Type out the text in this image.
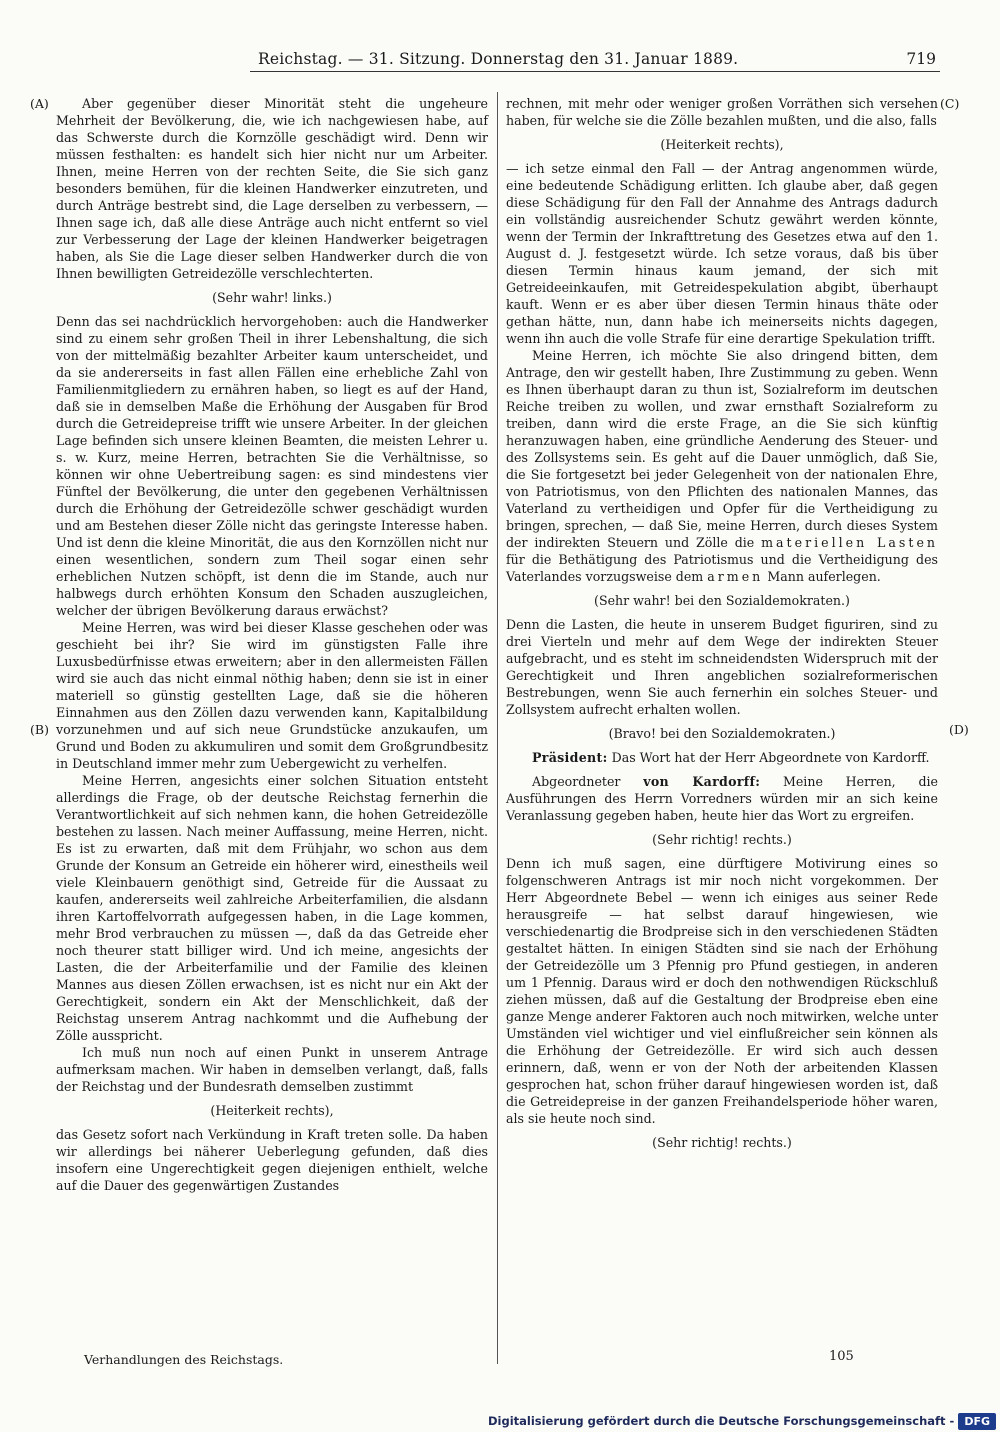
Reichstag. — 31. Sitzung. Donnerstag den 31. Januar 1889.	719
(A)
(B)
(C)
(D)

Aber gegenüber dieser Minorität steht die ungeheure Mehrheit der Bevölkerung, die, wie ich nachgewiesen habe, auf das Schwerste durch die Kornzölle geschädigt wird. Denn wir müssen festhalten: es handelt sich hier nicht nur um Arbeiter. Ihnen, meine Herren von der rechten Seite, die Sie sich ganz besonders bemühen, für die kleinen Handwerker einzutreten, und durch Anträge bestrebt sind, die Lage derselben zu verbessern, — Ihnen sage ich, daß alle diese Anträge auch nicht entfernt so viel zur Verbesserung der Lage der kleinen Handwerker beigetragen haben, als Sie die Lage dieser selben Handwerker durch die von Ihnen bewilligten Getreidezölle verschlechterten.

(Sehr wahr! links.)

Denn das sei nachdrücklich hervorgehoben: auch die Handwerker sind zu einem sehr großen Theil in ihrer Lebenshaltung, die sich von der mittelmäßig bezahlter Arbeiter kaum unterscheidet, und da sie andererseits in fast allen Fällen eine erhebliche Zahl von Familienmitgliedern zu ernähren haben, so liegt es auf der Hand, daß sie in demselben Maße die Erhöhung der Ausgaben für Brod durch die Getreidepreise trifft wie unsere Arbeiter. In der gleichen Lage befinden sich unsere kleinen Beamten, die meisten Lehrer u. s. w. Kurz, meine Herren, betrachten Sie die Verhältnisse, so können wir ohne Uebertreibung sagen: es sind mindestens vier Fünftel der Bevölkerung, die unter den gegebenen Verhältnissen durch die Erhöhung der Getreidezölle schwer geschädigt wurden und am Bestehen dieser Zölle nicht das geringste Interesse haben. Und ist denn die kleine Minorität, die aus den Kornzöllen nicht nur einen wesentlichen, sondern zum Theil sogar einen sehr erheblichen Nutzen schöpft, ist denn die im Stande, auch nur halbwegs durch erhöhten Konsum den Schaden auszugleichen, welcher der übrigen Bevölkerung daraus erwächst?

Meine Herren, was wird bei dieser Klasse geschehen oder was geschieht bei ihr? Sie wird im günstigsten Falle ihre Luxusbedürfnisse etwas erweitern; aber in den allermeisten Fällen wird sie auch das nicht einmal nöthig haben; denn sie ist in einer materiell so günstig gestellten Lage, daß sie die höheren Einnahmen aus den Zöllen dazu verwenden kann, Kapitalbildung vorzunehmen und auf sich neue Grundstücke anzukaufen, um Grund und Boden zu akkumuliren und somit dem Großgrundbesitz in Deutschland immer mehr zum Uebergewicht zu verhelfen.

Meine Herren, angesichts einer solchen Situation entsteht allerdings die Frage, ob der deutsche Reichstag fernerhin die Verantwortlichkeit auf sich nehmen kann, die hohen Getreidezölle bestehen zu lassen. Nach meiner Auffassung, meine Herren, nicht. Es ist zu erwarten, daß mit dem Frühjahr, wo schon aus dem Grunde der Konsum an Getreide ein höherer wird, einestheils weil viele Kleinbauern genöthigt sind, Getreide für die Aussaat zu kaufen, andererseits weil zahlreiche Arbeiterfamilien, die alsdann ihren Kartoffelvorrath aufgegessen haben, in die Lage kommen, mehr Brod verbrauchen zu müssen —, daß da das Getreide eher noch theurer statt billiger wird. Und ich meine, angesichts der Lasten, die der Arbeiterfamilie und der Familie des kleinen Mannes aus diesen Zöllen erwachsen, ist es nicht nur ein Akt der Gerechtigkeit, sondern ein Akt der Menschlichkeit, daß der Reichstag unserem Antrag nachkommt und die Aufhebung der Zölle ausspricht.

Ich muß nun noch auf einen Punkt in unserem Antrage aufmerksam machen. Wir haben in demselben verlangt, daß, falls der Reichstag und der Bundesrath demselben zustimmt

(Heiterkeit rechts),

das Gesetz sofort nach Verkündung in Kraft treten solle. Da haben wir allerdings bei näherer Ueberlegung gefunden, daß dies insofern eine Ungerechtigkeit gegen diejenigen enthielt, welche auf die Dauer des gegenwärtigen Zustandes

rechnen, mit mehr oder weniger großen Vorräthen sich versehen haben, für welche sie die Zölle bezahlen mußten, und die also, falls

(Heiterkeit rechts),

— ich setze einmal den Fall — der Antrag angenommen würde, eine bedeutende Schädigung erlitten. Ich glaube aber, daß gegen diese Schädigung für den Fall der Annahme des Antrags dadurch ein vollständig ausreichender Schutz gewährt werden könnte, wenn der Termin der Inkrafttretung des Gesetzes etwa auf den 1. August d. J. festgesetzt würde. Ich setze voraus, daß bis über diesen Termin hinaus kaum jemand, der sich mit Getreideeinkaufen, mit Getreidespekulation abgibt, überhaupt kauft. Wenn er es aber über diesen Termin hinaus thäte oder gethan hätte, nun, dann habe ich meinerseits nichts dagegen, wenn ihn auch die volle Strafe für eine derartige Spekulation trifft.

Meine Herren, ich möchte Sie also dringend bitten, dem Antrage, den wir gestellt haben, Ihre Zustimmung zu geben. Wenn es Ihnen überhaupt daran zu thun ist, Sozialreform im deutschen Reiche treiben zu wollen, und zwar ernsthaft Sozialreform zu treiben, dann wird die erste Frage, an die Sie sich künftig heranzuwagen haben, eine gründliche Aenderung des Steuer- und des Zollsystems sein. Es geht auf die Dauer unmöglich, daß Sie, die Sie fortgesetzt bei jeder Gelegenheit von der nationalen Ehre, von Patriotismus, von den Pflichten des nationalen Mannes, das Vaterland zu vertheidigen und Opfer für die Vertheidigung zu bringen, sprechen, — daß Sie, meine Herren, durch dieses System der indirekten Steuern und Zölle die materiellen Lasten für die Bethätigung des Patriotismus und die Vertheidigung des Vaterlandes vorzugsweise dem armen Mann auferlegen.

(Sehr wahr! bei den Sozialdemokraten.)

Denn die Lasten, die heute in unserem Budget figuriren, sind zu drei Vierteln und mehr auf dem Wege der indirekten Steuer aufgebracht, und es steht im schneidendsten Widerspruch mit der Gerechtigkeit und Ihren angeblichen sozialreformerischen Bestrebungen, wenn Sie auch fernerhin ein solches Steuer- und Zollsystem aufrecht erhalten wollen.

(Bravo! bei den Sozialdemokraten.)

Präsident: Das Wort hat der Herr Abgeordnete von Kardorff.

Abgeordneter von Kardorff: Meine Herren, die Ausführungen des Herrn Vorredners würden mir an sich keine Veranlassung gegeben haben, heute hier das Wort zu ergreifen.

(Sehr richtig! rechts.)

Denn ich muß sagen, eine dürftigere Motivirung eines so folgenschweren Antrags ist mir noch nicht vorgekommen. Der Herr Abgeordnete Bebel — wenn ich einiges aus seiner Rede herausgreife — hat selbst darauf hingewiesen, wie verschiedenartig die Brodpreise sich in den verschiedenen Städten gestaltet hätten. In einigen Städten sind sie nach der Erhöhung der Getreidezölle um 3 Pfennig pro Pfund gestiegen, in anderen um 1 Pfennig. Daraus wird er doch den nothwendigen Rückschluß ziehen müssen, daß auf die Gestaltung der Brodpreise eben eine ganze Menge anderer Faktoren auch noch mitwirken, welche unter Umständen viel wichtiger und viel einflußreicher sein können als die Erhöhung der Getreidezölle. Er wird sich auch dessen erinnern, daß, wenn er von der Noth der arbeitenden Klassen gesprochen hat, schon früher darauf hingewiesen worden ist, daß die Getreidepreise in der ganzen Freihandelsperiode höher waren, als sie heute noch sind.

(Sehr richtig! rechts.)

Verhandlungen des Reichstags.	105
Digitalisierung gefördert durch die Deutsche Forschungsgemeinschaft - DFG
